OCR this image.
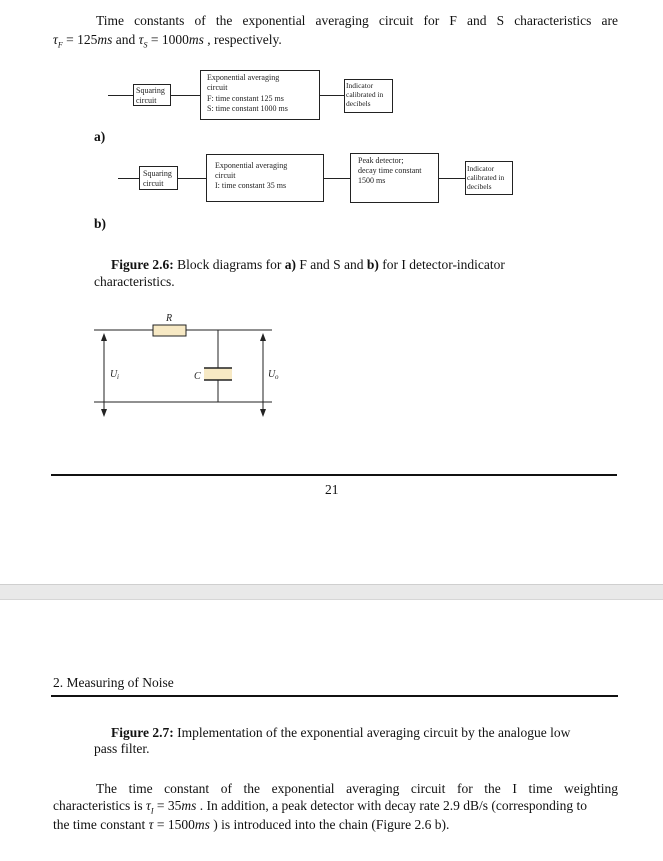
Time constants of the exponential averaging circuit for F and S characteristics are
$\tau_F = 125ms$ and $\tau_S = 1000ms$ , respectively.
Squaring
circuit
Exponential averaging
circuit
F: time constant 125 ms
S: time constant 1000 ms
Indicator
calibrated in
decibels
a)
Squaring
circuit
Exponential averaging
circuit
I: time constant 35 ms
Peak detector;
decay time constant
1500 ms
Indicator
calibrated in
decibels
b)
Figure 2.6: Block diagrams for a) F and S and b) for I detector-indicator
characteristics.
R
C
U i	U o
21
2. Measuring of Noise
Figure 2.7: Implementation of the exponential averaging circuit by the analogue low
pass filter.
The time constant of the exponential averaging circuit for the I time weighting
characteristics is $\tau_I = 35ms$ . In addition, a peak detector with decay rate 2.9 dB/s (corresponding to
the time constant τ = 1500ms ) is introduced into the chain (Figure 2.6 b).
